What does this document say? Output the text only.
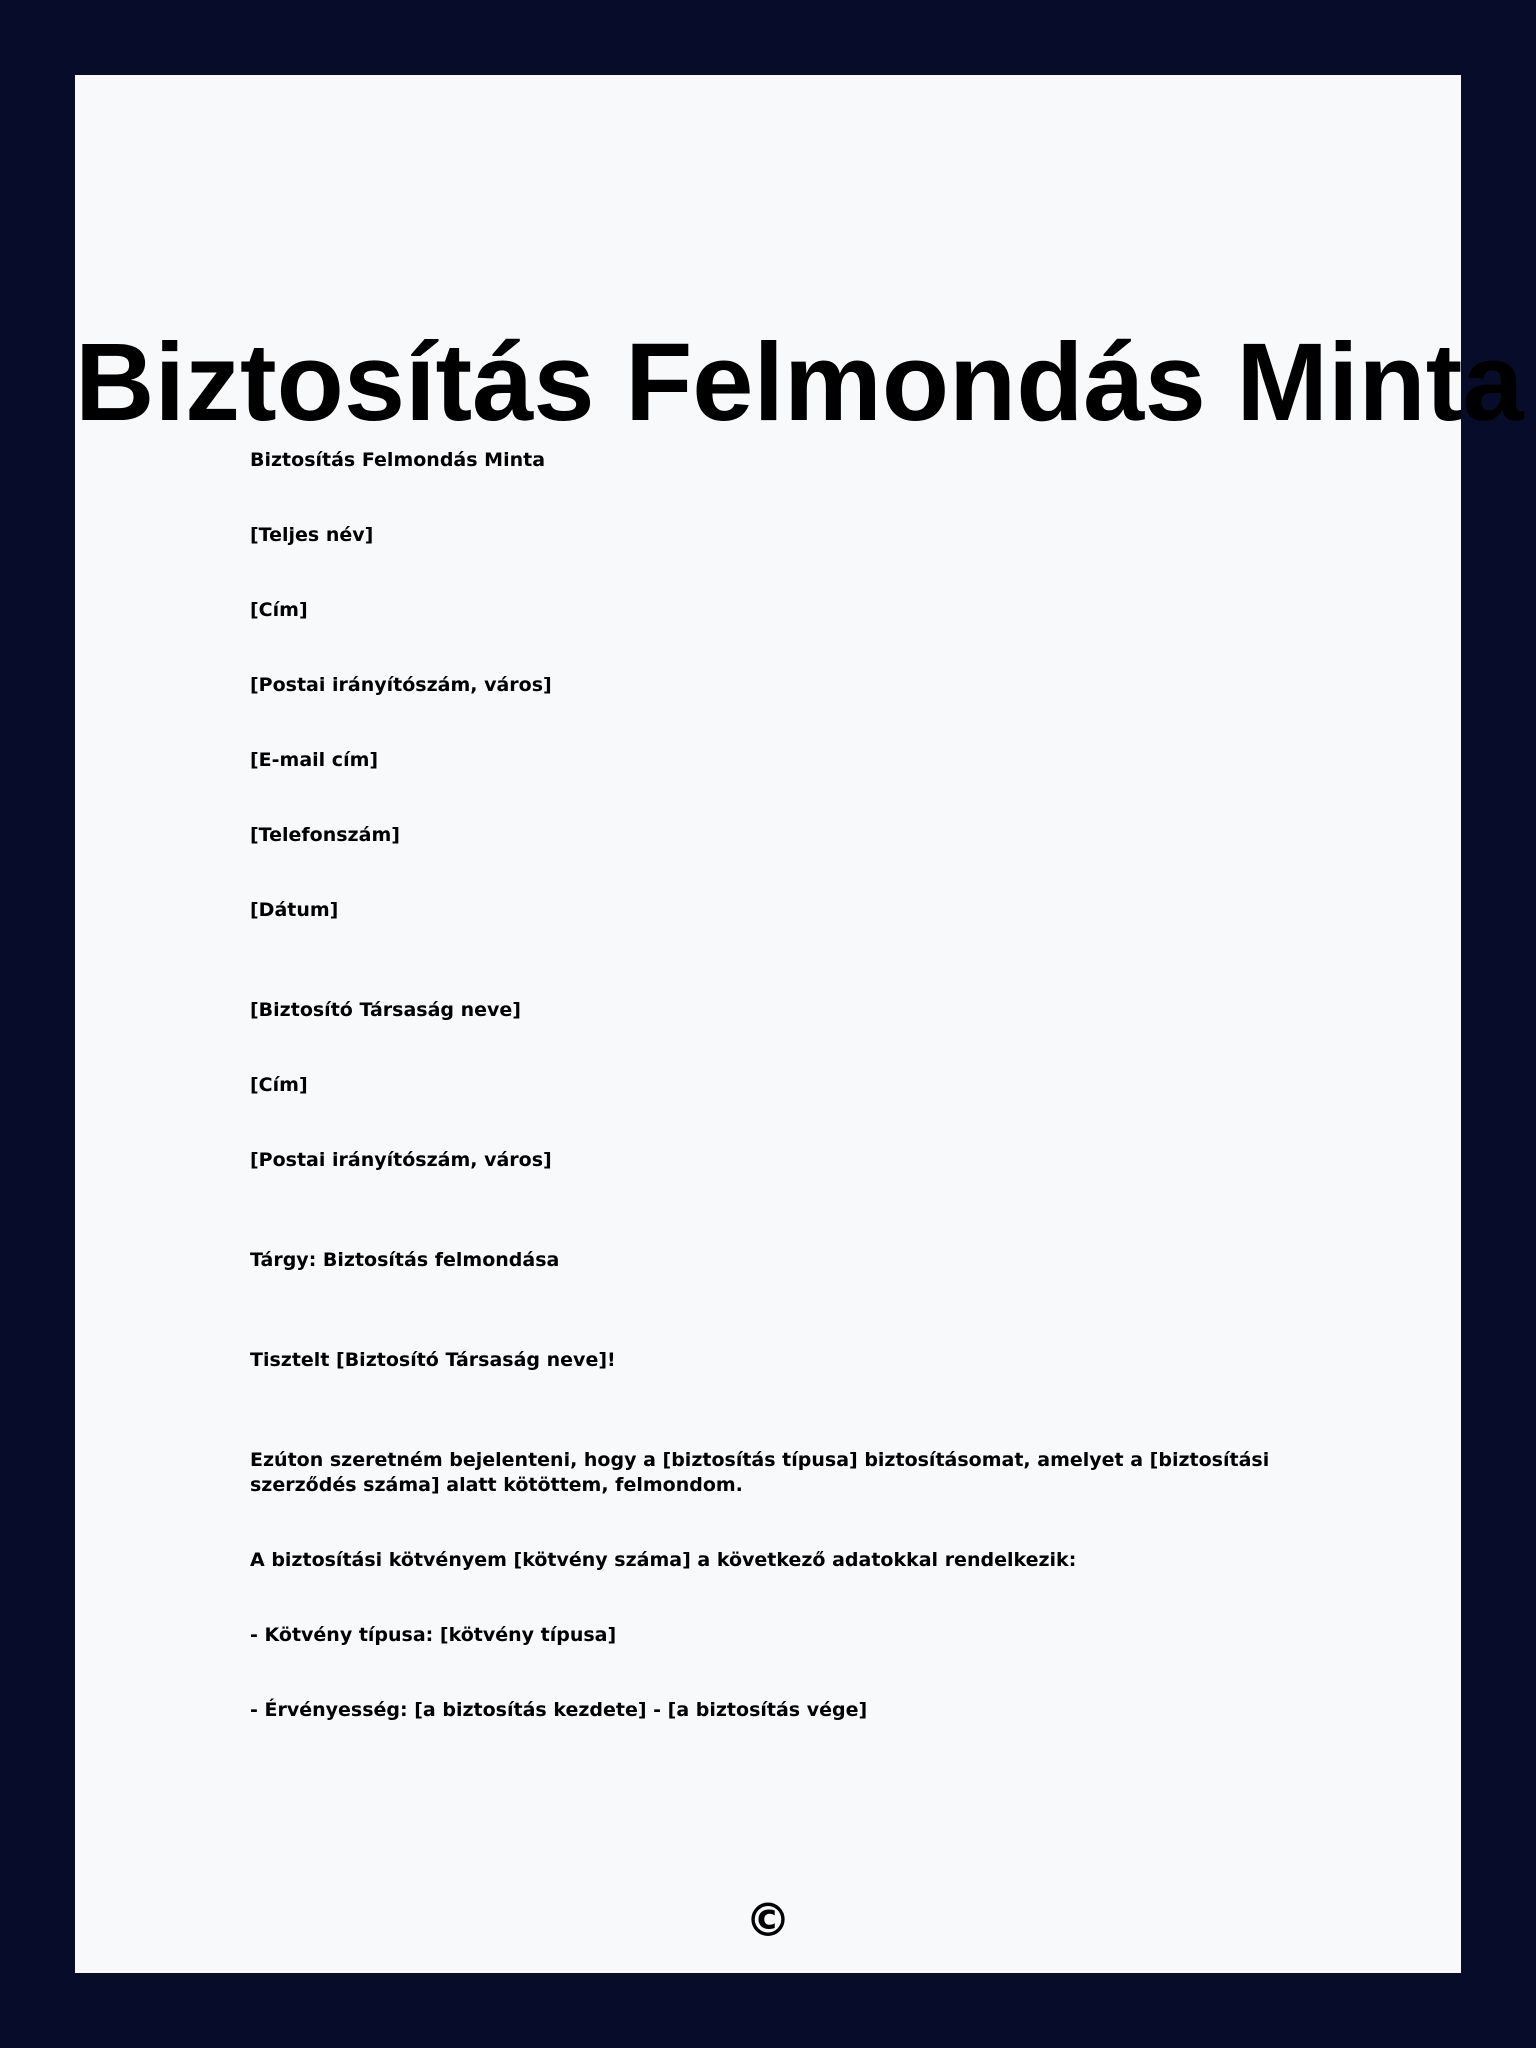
Biztosítás Felmondás Minta

Biztosítás Felmondás Minta

[Teljes név]

[Cím]

[Postai irányítószám, város]

[E-mail cím]

[Telefonszám]

[Dátum]

[Biztosító Társaság neve]

[Cím]

[Postai irányítószám, város]

Tárgy: Biztosítás felmondása

Tisztelt [Biztosító Társaság neve]!

Ezúton szeretném bejelenteni, hogy a [biztosítás típusa] biztosításomat, amelyet a [biztosítási szerződés száma] alatt kötöttem, felmondom.

A biztosítási kötvényem [kötvény száma] a következő adatokkal rendelkezik:

- Kötvény típusa: [kötvény típusa]

- Érvényesség: [a biztosítás kezdete] - [a biztosítás vége]

©
